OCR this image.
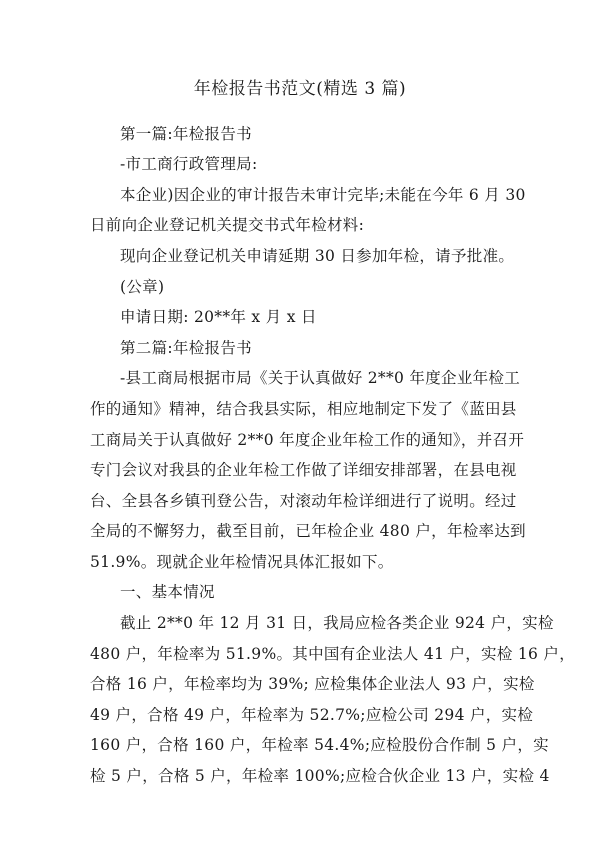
年检报告书范文(精选 3 篇)
第一篇:年检报告书
-市工商行政管理局:
本企业)因企业的审计报告未审计完毕;未能在今年 6 月 30
日前向企业登记机关提交书式年检材料:
现向企业登记机关申请延期 30 日参加年检，请予批准。
(公章)
申请日期: 20**年 x 月 x 日
第二篇:年检报告书
-县工商局根据市局《关于认真做好 2**0 年度企业年检工
作的通知》精神，结合我县实际，相应地制定下发了《蓝田县
工商局关于认真做好 2**0 年度企业年检工作的通知》，并召开
专门会议对我县的企业年检工作做了详细安排部署，在县电视
台、全县各乡镇刊登公告，对滚动年检详细进行了说明。经过
全局的不懈努力，截至目前，已年检企业 480 户，年检率达到
51.9%。现就企业年检情况具体汇报如下。
一、基本情况
截止 2**0 年 12 月 31 日，我局应检各类企业 924 户，实检
480 户，年检率为 51.9%。其中国有企业法人 41 户，实检 16 户，
合格 16 户，年检率均为 39%; 应检集体企业法人 93 户，实检
49 户，合格 49 户，年检率为 52.7%;应检公司 294 户，实检
160 户，合格 160 户，年检率 54.4%;应检股份合作制 5 户，实
检 5 户，合格 5 户，年检率 100%;应检合伙企业 13 户，实检 4
